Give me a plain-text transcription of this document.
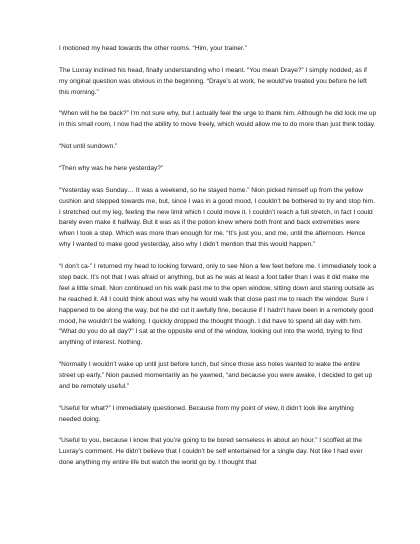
I motioned my head towards the other rooms. “Him, your trainer.”

The Luxray inclined his head, finally understanding who I meant. “You mean Draye?” I simply nodded, as if my original question was obvious in the beginning. “Draye’s at work, he would’ve treated you before he left this morning.”

“When will he be back?” I’m not sure why, but I actually feel the urge to thank him. Although he did lock me up in this small room, I now had the ability to move freely, which would allow me to do more than just think today.

“Not until sundown.”

“Then why was he here yesterday?”

“Yesterday was Sunday… It was a weekend, so he stayed home.” Nion picked himself up from the yellow cushion and stepped towards me, but, since I was in a good mood, I couldn’t be bothered to try and stop him. I stretched out my leg, feeling the new limit which I could move it. I couldn’t reach a full stretch, in fact I could barely even make it halfway. But it was as if the potion knew where both front and back extremities were when I took a step. Which was more than enough for me. “It’s just you, and me, until the afternoon. Hence why I wanted to make good yesterday, also why I didn’t mention that this would happen.”

“I don’t ca-” I returned my head to looking forward, only to see Nion a few feet before me. I immediately took a step back. It’s not that I was afraid or anything, but as he was at least a foot taller than I was it did make me feel a little small. Nion continued on his walk past me to the open window, sitting down and staring outside as he reached it. All I could think about was why he would walk that close past me to reach the window. Sure I happened to be along the way, but he did cut it awfully fine, because if I hadn’t have been in a remotely good mood, he wouldn’t be walking. I quickly dropped the thought though. I did have to spend all day with him. “What do you do all day?” I sat at the opposite end of the window, looking out into the world, trying to find anything of interest. Nothing.

“Normally I wouldn’t wake up until just before lunch, but since those ass holes wanted to wake the entire street up early,” Nion paused momentarily as he yawned, “and because you were awake, I decided to get up and be remotely useful.”

“Useful for what?” I immediately questioned. Because from my point of view, it didn’t look like anything needed doing.

“Useful to you, because I know that you’re going to be bored senseless in about an hour.” I scoffed at the Luxray’s comment. He didn’t believe that I couldn’t be self entertained for a single day. Not like I had ever done anything my entire life but watch the world go by. I thought that
